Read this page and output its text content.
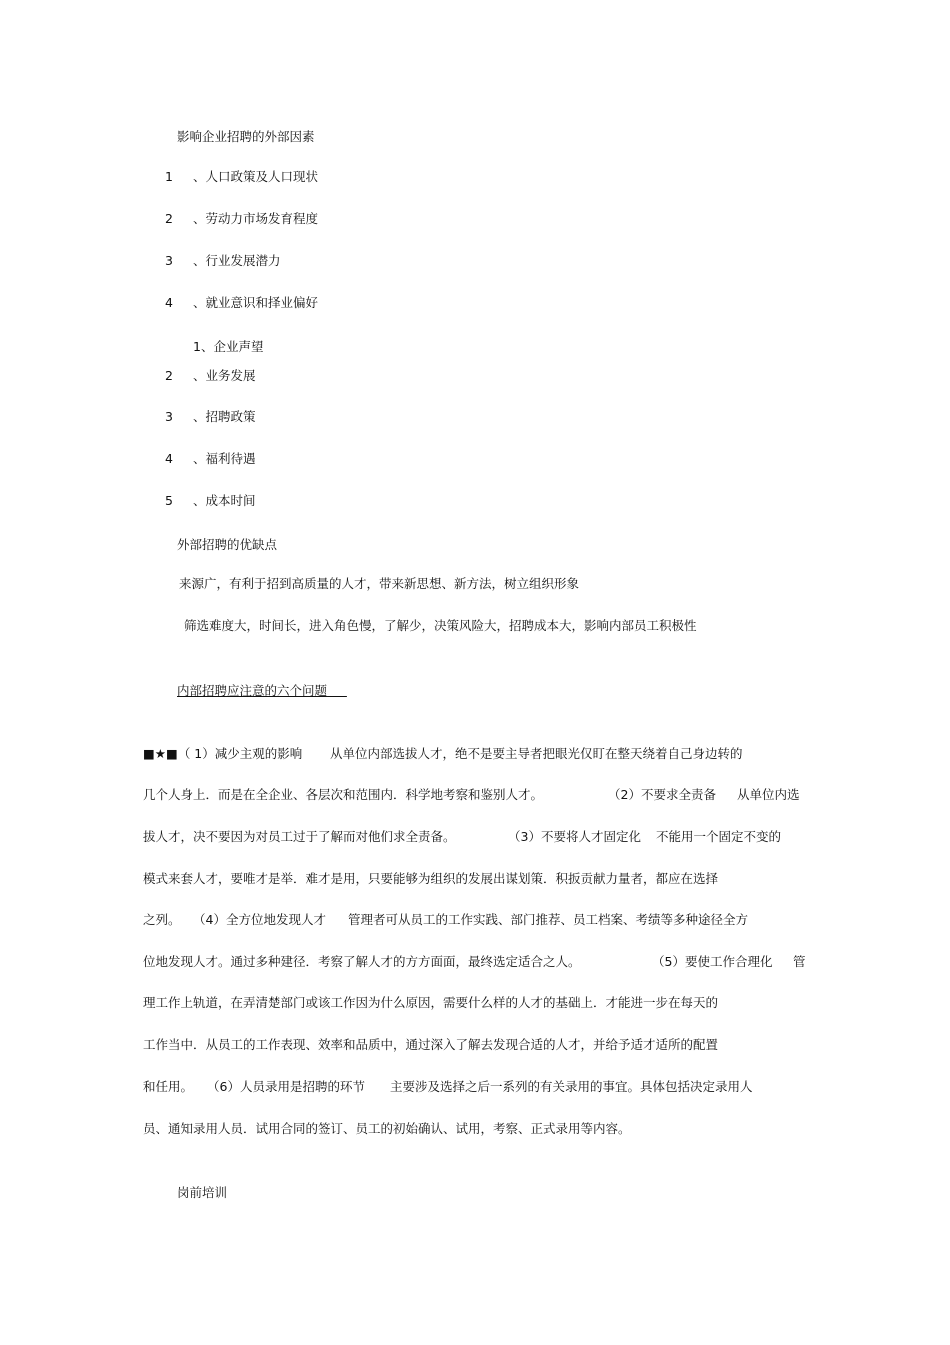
影响企业招聘的外部因素
1 、人口政策及人口现状
2 、劳动力市场发育程度
3 、行业发展潜力
4 、就业意识和择业偏好
1、企业声望
2 、业务发展
3 、招聘政策
4 、福利待遇
5 、成本时间
外部招聘的优缺点
来源广，有利于招到高质量的人才，带来新思想、新方法，树立组织形象
筛选难度大，时间长，进入角色慢，了解少，决策风险大，招聘成本大，影响内部员工积极性
内部招聘应注意的六个问题
■★■（ 1）减少主观的影响 从单位内部选拔人才，绝不是要主导者把眼光仅盯在整天绕着自己身边转的
几个人身上．而是在全企业、各层次和范围内．科学地考察和鉴别人才。	（2）不要求全责备 从单位内选
拔人才，决不要因为对员工过于了解而对他们求全责备。	（3）不要将人才固定化 不能用一个固定不变的
模式来套人才，要唯才是举．难才是用，只要能够为组织的发展出谋划策．积扳贡献力量者，都应在选择
之列。 （4）全方位地发现人才 管理者可从员工的工作实践、部门推荐、员工档案、考绩等多种途径全方
位地发现人才。通过多种建径．考察了解人才的方方面面，最终选定适合之人。	（5）要使工作合理化 管
理工作上轨道，在弄清楚部门或该工作因为什么原因，需要什么样的人才的基础上．才能进一步在每天的
工作当中．从员工的工作表现、效率和品质中，通过深入了解去发现合适的人才，并给予适才适所的配置
和任用。 （6）人员录用是招聘的环节 主要涉及选择之后一系列的有关录用的事宜。具体包括决定录用人
员、通知录用人员．试用合同的签订、员工的初始确认、试用，考察、正式录用等内容。
岗前培训
